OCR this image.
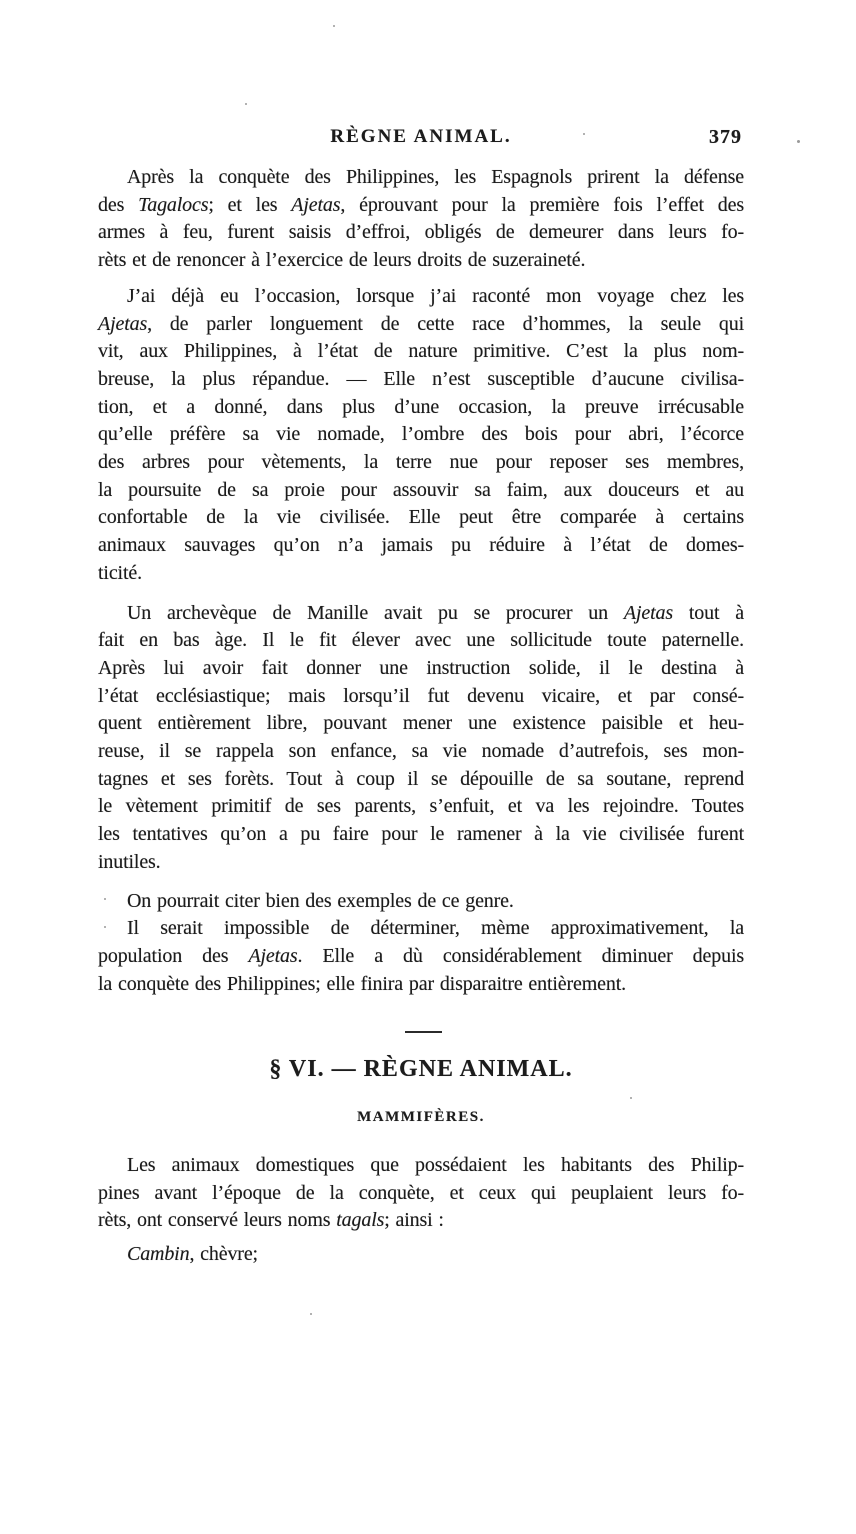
RÈGNE ANIMAL.	379
Après la conquète des Philippines, les Espagnols prirent la défense
des Tagalocs; et les Ajetas, éprouvant pour la première fois l’effet des
armes à feu, furent saisis d’effroi, obligés de demeurer dans leurs fo-
rèts et de renoncer à l’exercice de leurs droits de suzeraineté.
J’ai déjà eu l’occasion, lorsque j’ai raconté mon voyage chez les
Ajetas, de parler longuement de cette race d’hommes, la seule qui
vit, aux Philippines, à l’état de nature primitive. C’est la plus nom-
breuse, la plus répandue. — Elle n’est susceptible d’aucune civilisa-
tion, et a donné, dans plus d’une occasion, la preuve irrécusable
qu’elle préfère sa vie nomade, l’ombre des bois pour abri, l’écorce
des arbres pour vètements, la terre nue pour reposer ses membres,
la poursuite de sa proie pour assouvir sa faim, aux douceurs et au
confortable de la vie civilisée. Elle peut être comparée à certains
animaux sauvages qu’on n’a jamais pu réduire à l’état de domes-
ticité.
Un archevèque de Manille avait pu se procurer un Ajetas tout à
fait en bas àge. Il le fit élever avec une sollicitude toute paternelle.
Après lui avoir fait donner une instruction solide, il le destina à
l’état ecclésiastique; mais lorsqu’il fut devenu vicaire, et par consé-
quent entièrement libre, pouvant mener une existence paisible et heu-
reuse, il se rappela son enfance, sa vie nomade d’autrefois, ses mon-
tagnes et ses forèts. Tout à coup il se dépouille de sa soutane, reprend
le vètement primitif de ses parents, s’enfuit, et va les rejoindre. Toutes
les tentatives qu’on a pu faire pour le ramener à la vie civilisée furent
inutiles.
On pourrait citer bien des exemples de ce genre.
Il serait impossible de déterminer, mème approximativement, la
population des Ajetas. Elle a dù considérablement diminuer depuis
la conquète des Philippines; elle finira par disparaitre entièrement.
§ VI. — RÈGNE ANIMAL.
MAMMIFÈRES.
Les animaux domestiques que possédaient les habitants des Philip-
pines avant l’époque de la conquète, et ceux qui peuplaient leurs fo-
rèts, ont conservé leurs noms tagals; ainsi :
Cambin, chèvre;
